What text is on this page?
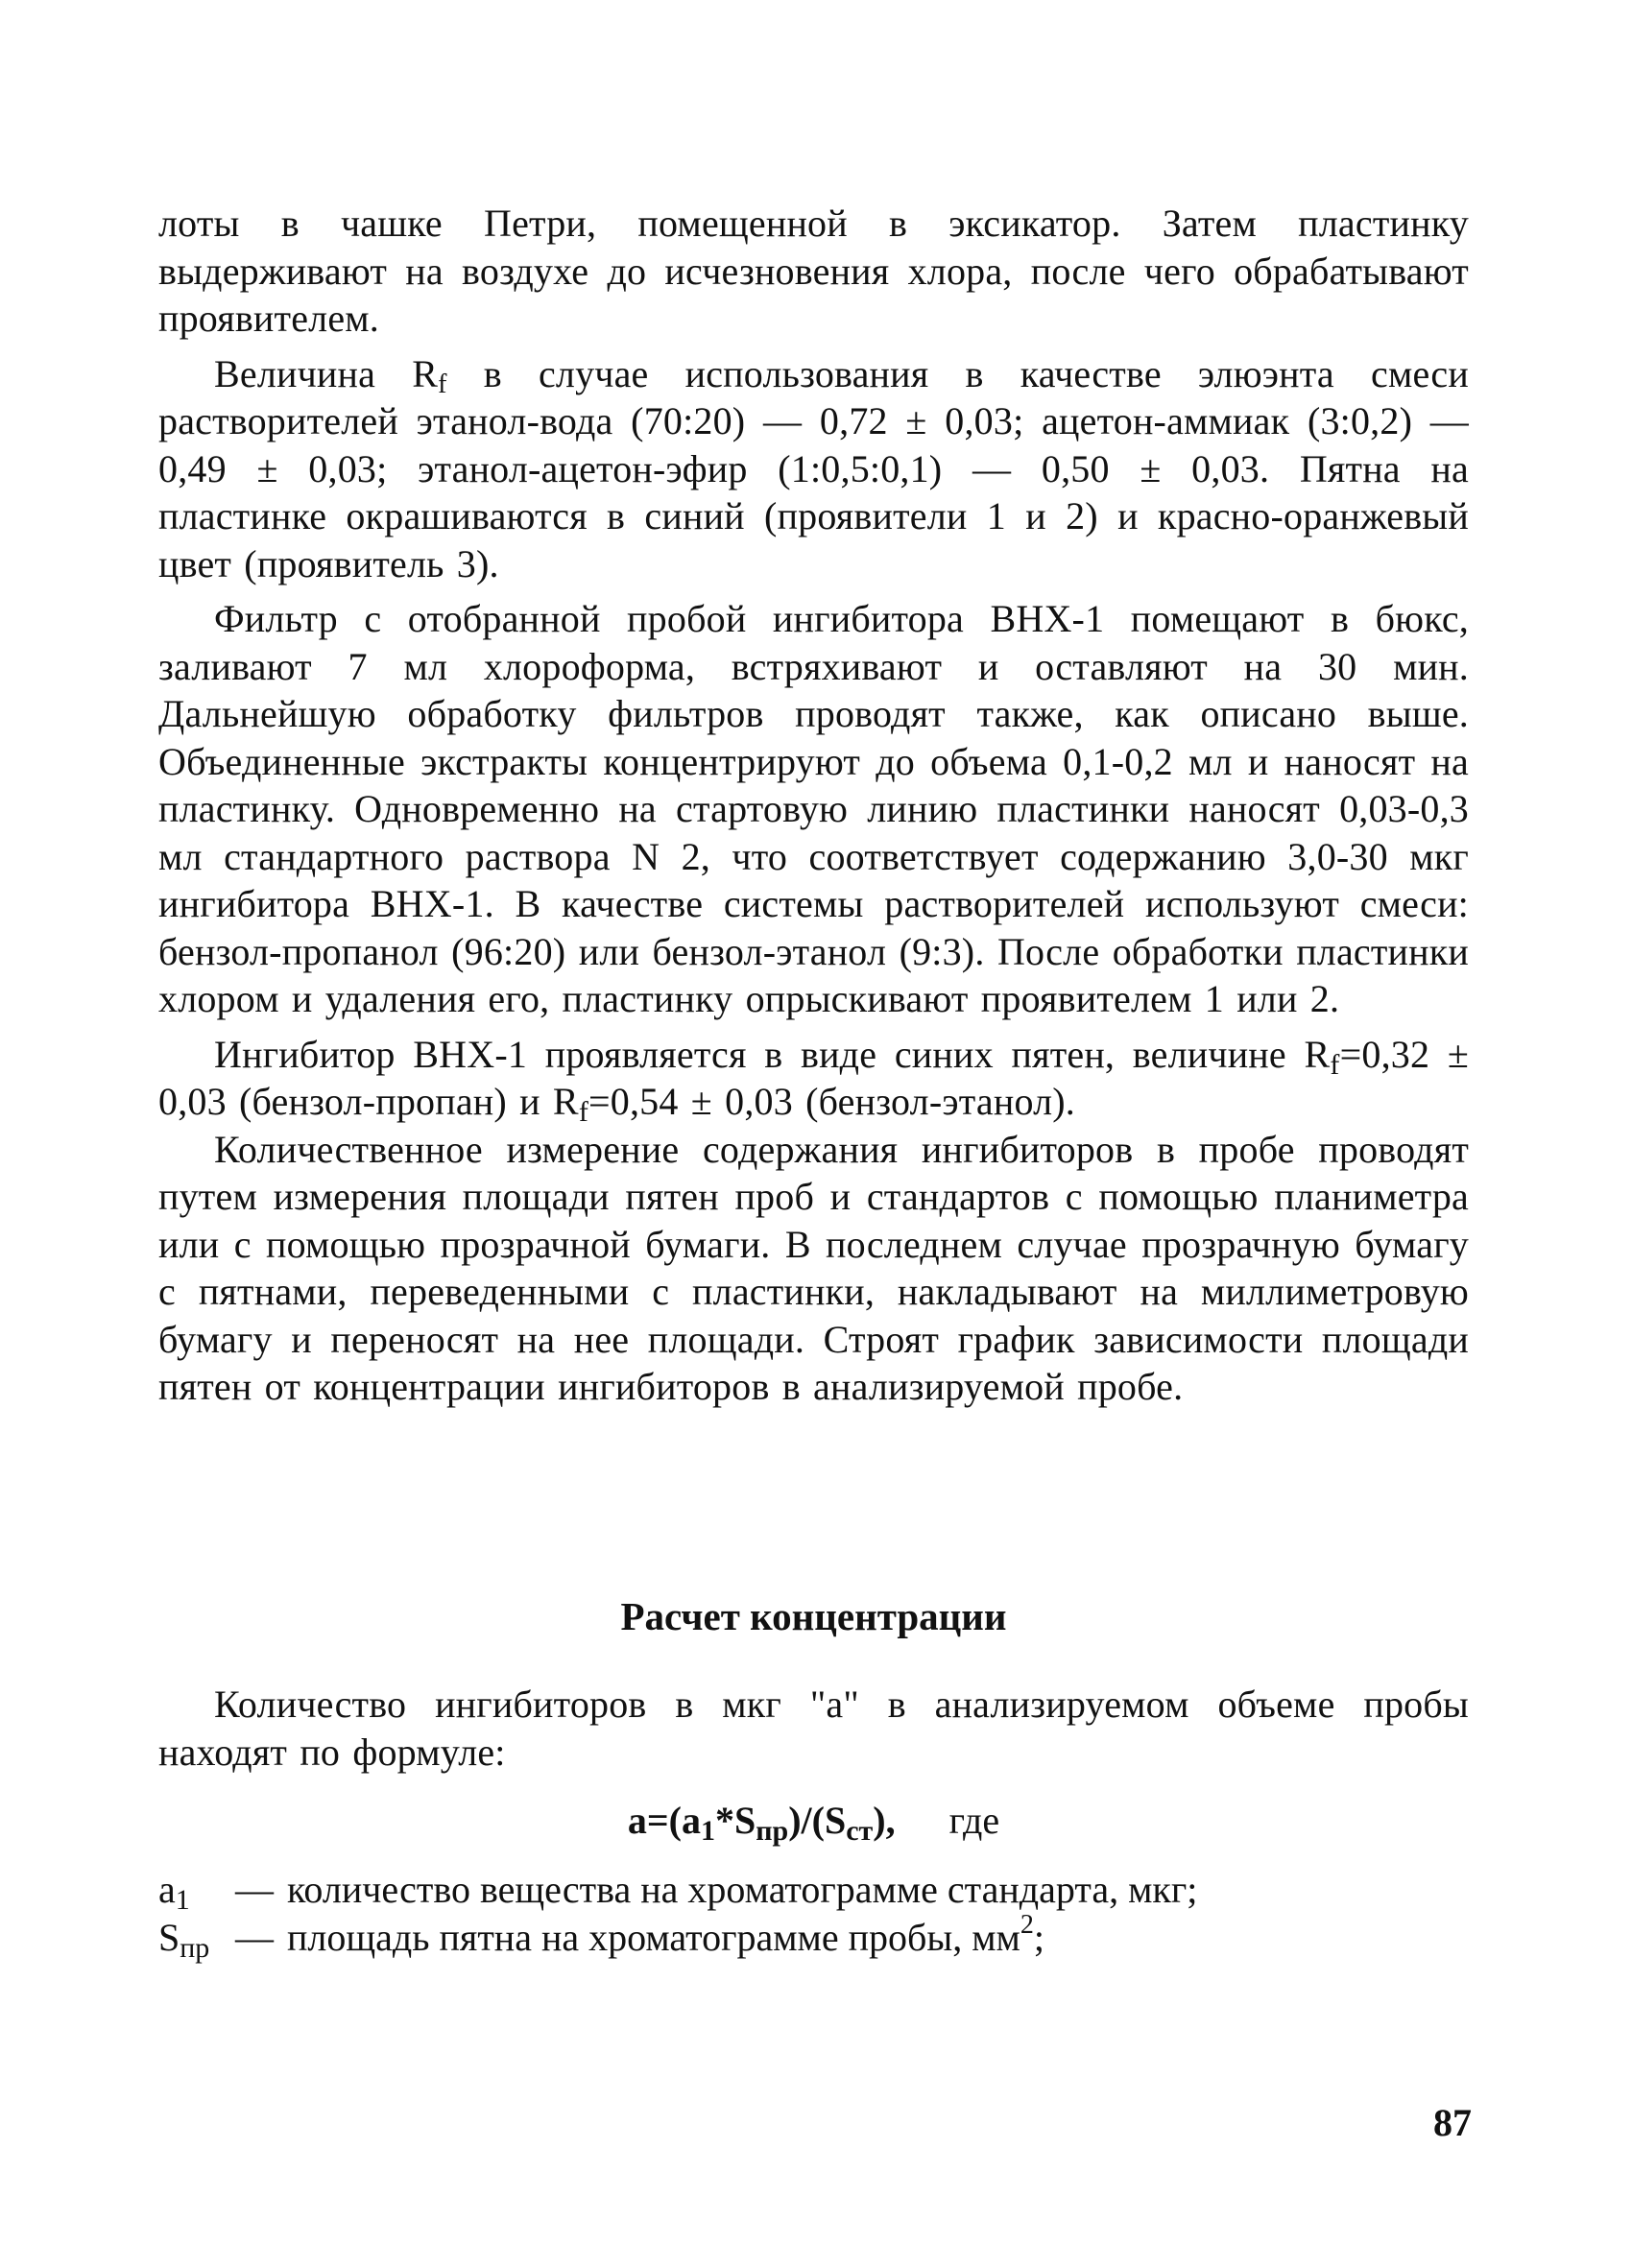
лоты в чашке Петри, помещенной в эксикатор. Затем пластинку выдерживают на воздухе до исчезновения хлора, после чего обрабатывают проявителем.

Величина $R_f$ в случае использования в качестве элюэнта смеси растворителей этанол-вода (70:20) — 0,72 ± 0,03; ацетон-аммиак (3:0,2) — 0,49 ± 0,03; этанол-ацетон-эфир (1:0,5:0,1) — 0,50 ± 0,03. Пятна на пластинке окрашиваются в синий (проявители 1 и 2) и красно-оранжевый цвет (проявитель 3).

Фильтр с отобранной пробой ингибитора ВНХ-1 помещают в бюкс, заливают 7 мл хлороформа, встряхивают и оставляют на 30 мин. Дальнейшую обработку фильтров проводят также, как описано выше. Объединенные экстракты концентрируют до объема 0,1-0,2 мл и наносят на пластинку. Одновременно на стартовую линию пластинки наносят 0,03-0,3 мл стандартного раствора N 2, что соответствует содержанию 3,0-30 мкг ингибитора ВНХ-1. В качестве системы растворителей используют смеси: бензол-пропанол (96:20) или бензол-этанол (9:3). После обработки пластинки хлором и удаления его, пластинку опрыскивают проявителем 1 или 2.

Ингибитор ВНХ-1 проявляется в виде синих пятен, величине $R_f=0,32 \pm 0,03$ (бензол-пропан) и $R_f=0,54 \pm 0,03$ (бензол-этанол).

Количественное измерение содержания ингибиторов в пробе проводят путем измерения площади пятен проб и стандартов с помощью планиметра или с помощью прозрачной бумаги. В последнем случае прозрачную бумагу с пятнами, переведенными с пластинки, накладывают на миллиметровую бумагу и переносят на нее площади. Строят график зависимости площади пятен от концентрации ингибиторов в анализируемой пробе.

Расчет концентрации

Количество ингибиторов в мкг "а" в анализируемом объеме пробы находят по формуле:

$а=(а_1*S_{пр})/(S_{ст})$, где

$а_1$ — количество вещества на хроматограмме стандарта, мкг;

$S_{пр}$ — площадь пятна на хроматограмме пробы, $мм^2$;

87
